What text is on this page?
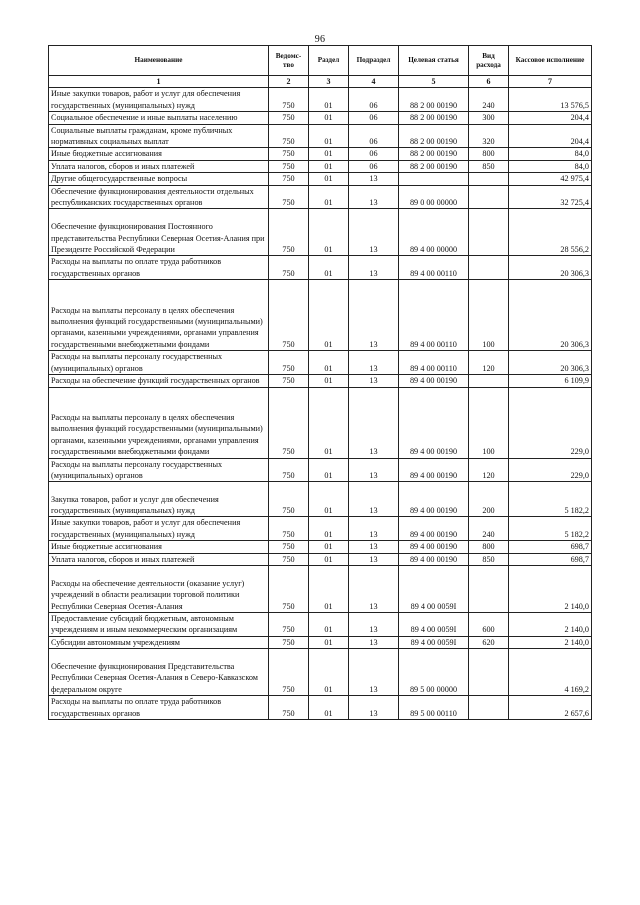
96
Наименование	Ведомс-тво	Раздел	Подраздел	Целевая статья	Вид расхода	Кассовое исполнение
1	2	3	4	5	6	7
Иные закупки товаров, работ и услуг для обеспечения государственных (муниципальных) нужд	750	01	06	88 2 00 00190	240	13 576,5
Социальное обеспечение и иные выплаты населению	750	01	06	88 2 00 00190	300	204,4
Социальные выплаты гражданам, кроме публичных нормативных социальных выплат	750	01	06	88 2 00 00190	320	204,4
Иные бюджетные ассигнования	750	01	06	88 2 00 00190	800	84,0
Уплата налогов, сборов и иных платежей	750	01	06	88 2 00 00190	850	84,0
Другие общегосударственные вопросы	750	01	13			42 975,4
Обеспечение функционирования деятельности отдельных республиканских государственных органов	750	01	13	89 0 00 00000		32 725,4
Обеспечение функционирования Постоянного представительства Республики Северная Осетия-Алания при Президенте Российской Федерации	750	01	13	89 4 00 00000		28 556,2
Расходы на выплаты по оплате труда работников государственных органов	750	01	13	89 4 00 00110		20 306,3
Расходы на выплаты персоналу в целях обеспечения выполнения функций государственными (муниципальными) органами, казенными учреждениями, органами управления государственными внебюджетными фондами	750	01	13	89 4 00 00110	100	20 306,3
Расходы на выплаты персоналу государственных (муниципальных) органов	750	01	13	89 4 00 00110	120	20 306,3
Расходы на обеспечение функций государственных органов	750	01	13	89 4 00 00190		6 109,9
Расходы на выплаты персоналу в целях обеспечения выполнения функций государственными (муниципальными) органами, казенными учреждениями, органами управления государственными внебюджетными фондами	750	01	13	89 4 00 00190	100	229,0
Расходы на выплаты персоналу государственных (муниципальных) органов	750	01	13	89 4 00 00190	120	229,0
Закупка товаров, работ и услуг для обеспечения государственных (муниципальных) нужд	750	01	13	89 4 00 00190	200	5 182,2
Иные закупки товаров, работ и услуг для обеспечения государственных (муниципальных) нужд	750	01	13	89 4 00 00190	240	5 182,2
Иные бюджетные ассигнования	750	01	13	89 4 00 00190	800	698,7
Уплата налогов, сборов и иных платежей	750	01	13	89 4 00 00190	850	698,7
Расходы на обеспечение деятельности (оказание услуг) учреждений в области реализации торговой политики Республики Северная Осетия-Алания	750	01	13	89 4 00 0059I		2 140,0
Предоставление субсидий бюджетным, автономным учреждениям и иным некоммерческим организациям	750	01	13	89 4 00 0059I	600	2 140,0
Субсидии автономным учреждениям	750	01	13	89 4 00 0059I	620	2 140,0
Обеспечение функционирования Представительства Республики Северная Осетия-Алания в Северо-Кавказском федеральном округе	750	01	13	89 5 00 00000		4 169,2
Расходы на выплаты по оплате труда работников государственных органов	750	01	13	89 5 00 00110		2 657,6
